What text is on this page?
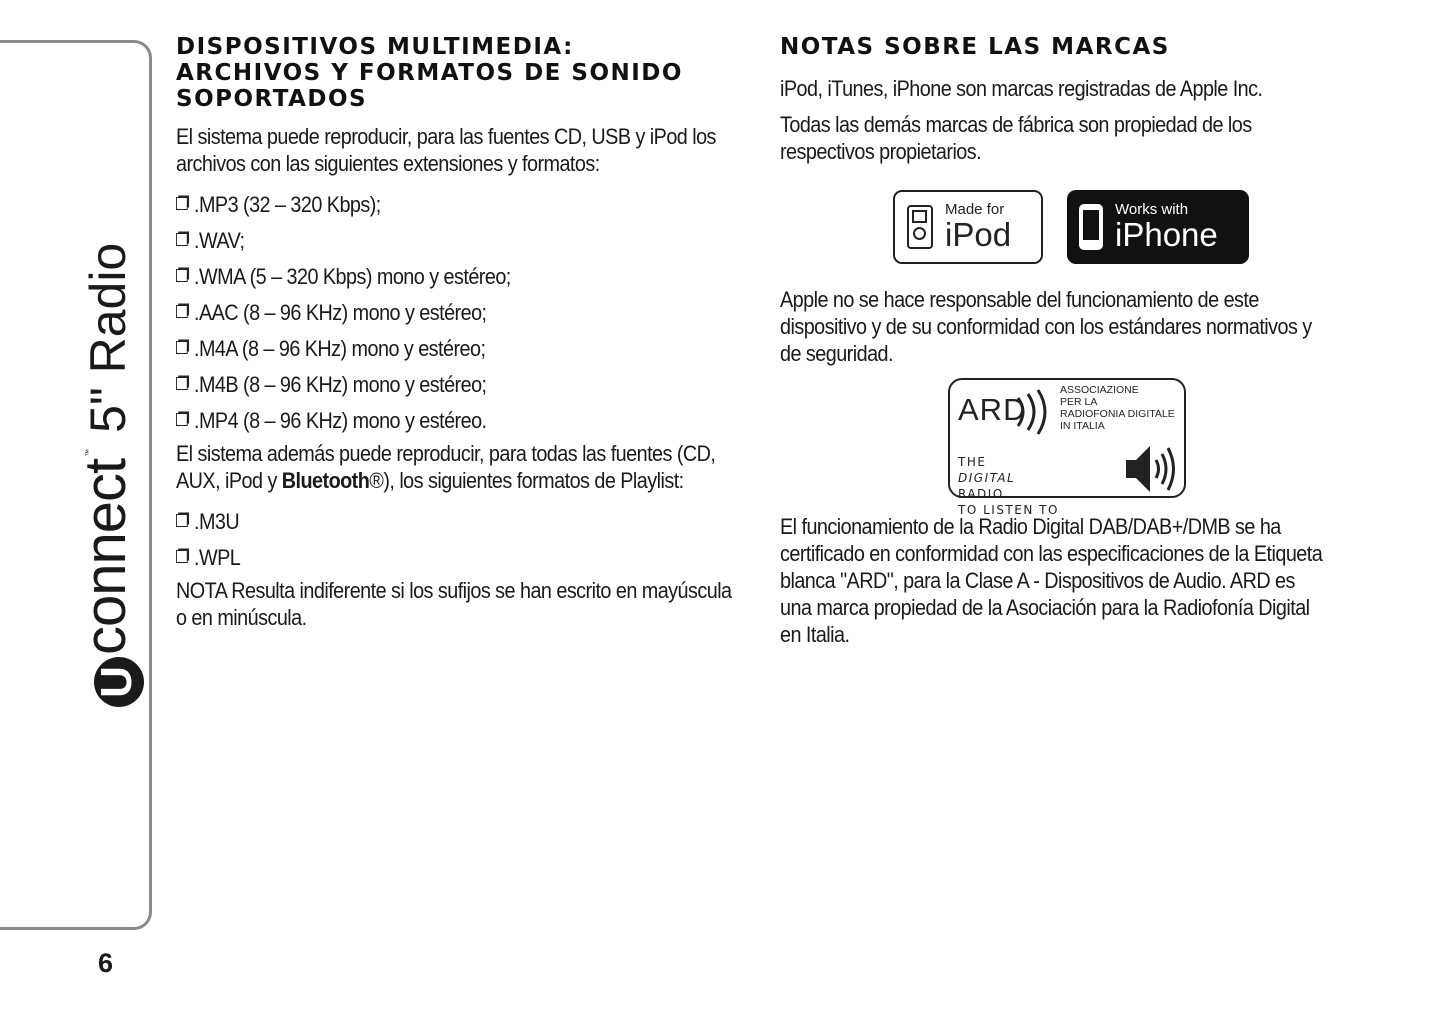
U
connect
™
5" Radio
6
DISPOSITIVOS MULTIMEDIA:
ARCHIVOS Y FORMATOS DE SONIDO
SOPORTADOS

El sistema puede reproducir, para las fuentes CD, USB y iPod los
archivos con las siguientes extensiones y formatos:

.MP3 (32 – 320 Kbps);
.WAV;
.WMA (5 – 320 Kbps) mono y estéreo;
.AAC (8 – 96 KHz) mono y estéreo;
.M4A (8 – 96 KHz) mono y estéreo;
.M4B (8 – 96 KHz) mono y estéreo;
.MP4 (8 – 96 KHz) mono y estéreo.

El sistema además puede reproducir, para todas las fuentes (CD,
AUX, iPod y Bluetooth®), los siguientes formatos de Playlist:

.M3U
.WPL

NOTA Resulta indiferente si los sufijos se han escrito en mayúscula
o en minúscula.

NOTAS SOBRE LAS MARCAS

iPod, iTunes, iPhone son marcas registradas de Apple Inc.

Todas las demás marcas de fábrica son propiedad de los
respectivos propietarios.

Made for
iPod
Works with
iPhone

Apple no se hace responsable del funcionamiento de este
dispositivo y de su conformidad con los estándares normativos y
de seguridad.

ARD
ASSOCIAZIONE
PER LA
RADIOFONIA DIGITALE
IN ITALIA
THE
DIGITAL
RADIO
TO LISTEN TO

El funcionamiento de la Radio Digital DAB/DAB+/DMB se ha
certificado en conformidad con las especificaciones de la Etiqueta
blanca "ARD", para la Clase A - Dispositivos de Audio. ARD es
una marca propiedad de la Asociación para la Radiofonía Digital
en Italia.
